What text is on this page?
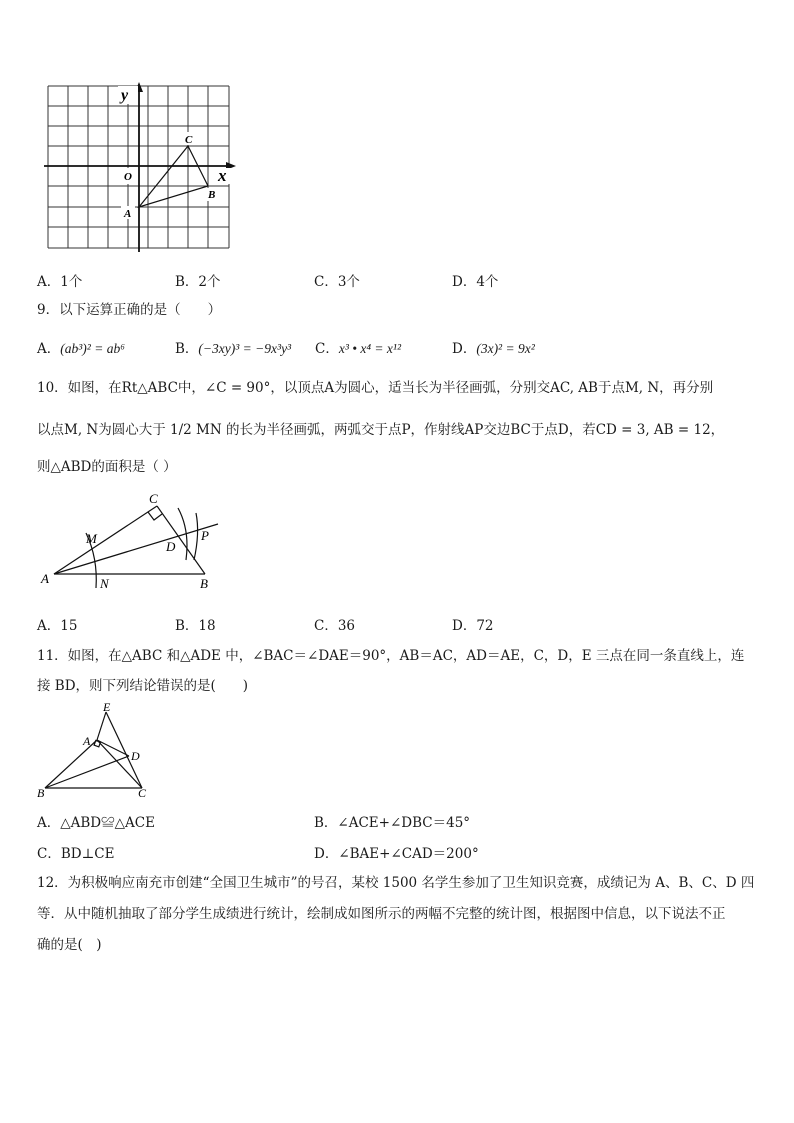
y
x
O
C
B
A
A．1个	B．2个	C．3个	D．4个
9．以下运算正确的是（　　）
A．(ab³)² = ab⁶	B．(−3xy)³ = −9x³y³ C．x³ • x⁴ = x¹²	D．(3x)² = 9x²
10．如图，在Rt△ABC中，∠C = 90°，以顶点A为圆心，适当长为半径画弧，分别交AC, AB于点M, N，再分别
以点M, N为圆心大于 1/2 MN 的长为半径画弧，两弧交于点P，作射线AP交边BC于点D，若CD = 3, AB = 12，
则△ABD的面积是（ ）
C
M
D
P
A	N	B
A．15	B．18	C．36	D．72
11．如图，在△ABC 和△ADE 中，∠BAC＝∠DAE＝90°，AB＝AC，AD＝AE，C，D，E 三点在同一条直线上，连
接 BD，则下列结论错误的是(　　)
E
A
D
B	C
A．△ABD≌△ACE	B．∠ACE+∠DBC＝45°
C．BD⊥CE	D．∠BAE+∠CAD＝200°
12．为积极响应南充市创建“全国卫生城市”的号召，某校 1500 名学生参加了卫生知识竞赛，成绩记为 A、B、C、D 四
等．从中随机抽取了部分学生成绩进行统计，绘制成如图所示的两幅不完整的统计图，根据图中信息，以下说法不正
确的是(　)
